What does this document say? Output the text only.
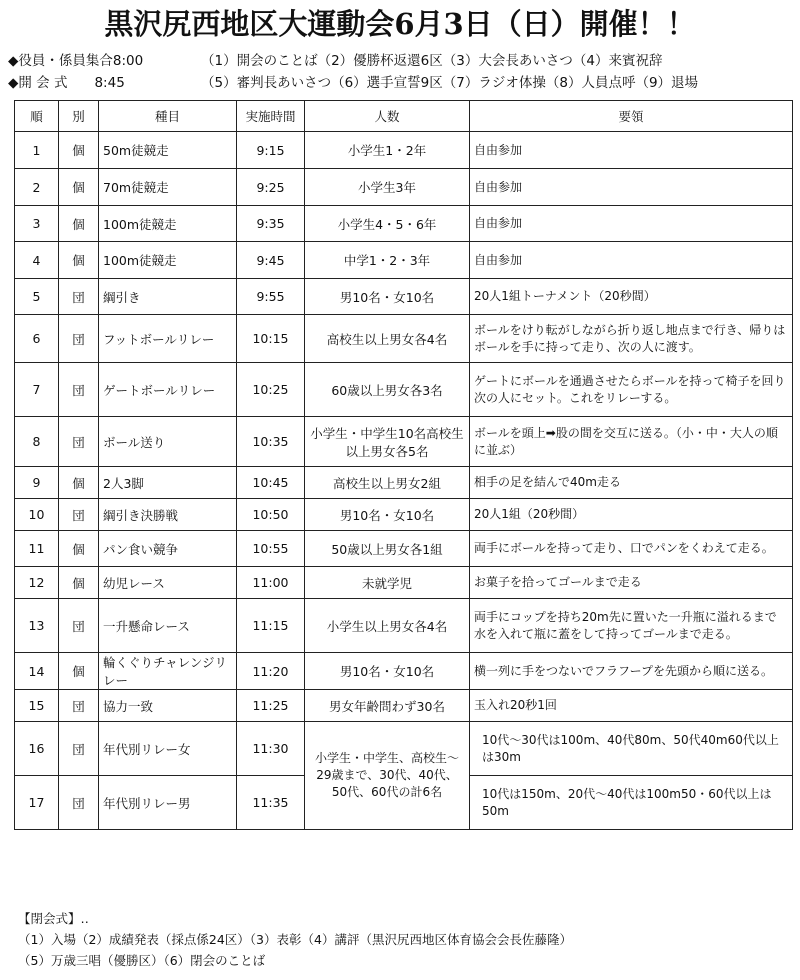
黒沢尻西地区大運動会6月3日（日）開催！！
◆役員・係員集合8:00	（1）開会のことば（2）優勝杯返還6区（3）大会長あいさつ（4）来賓祝辞
◆開 会 式　　8:45	（5）審判長あいさつ（6）選手宣誓9区（7）ラジオ体操（8）人員点呼（9）退場
順	別	種目	実施時間	人数	要領
1	個	50m徒競走	9:15	小学生1・2年	自由参加
2	個	70m徒競走	9:25	小学生3年	自由参加
3	個	100m徒競走	9:35	小学生4・5・6年	自由参加
4	個	100m徒競走	9:45	中学1・2・3年	自由参加
5	団	綱引き	9:55	男10名・女10名	20人1組トーナメント（20秒間）
6	団	フットボールリレー	10:15	高校生以上男女各4名	ボールをけり転がしながら折り返し地点まで行き、帰りはボールを手に持って走り、次の人に渡す。
7	団	ゲートボールリレー	10:25	60歳以上男女各3名	ゲートにボールを通過させたらボールを持って椅子を回り次の人にセット。これをリレーする。
8	団	ボール送り	10:35	小学生・中学生10名高校生以上男女各5名	ボールを頭上➡股の間を交互に送る。（小・中・大人の順に並ぶ）
9	個	2人3脚	10:45	高校生以上男女2組	相手の足を結んで40m走る
10	団	綱引き決勝戦	10:50	男10名・女10名	20人1組（20秒間）
11	個	パン食い競争	10:55	50歳以上男女各1組	両手にボールを持って走り、口でパンをくわえて走る。
12	個	幼児レース	11:00	未就学児	お菓子を拾ってゴールまで走る
13	団	一升懸命レース	11:15	小学生以上男女各4名	両手にコップを持ち20m先に置いた一升瓶に溢れるまで水を入れて瓶に蓋をして持ってゴールまで走る。
14	個	輪くぐりチャレンジリレー	11:20	男10名・女10名	横一列に手をつないでフラフープを先頭から順に送る。
15	団	協力一致	11:25	男女年齢問わず30名	玉入れ20秒1回
16	団	年代別リレー女	11:30	小学生・中学生、高校生〜29歳まで、30代、40代、50代、60代の計6名	10代〜30代は100m、40代80m、50代40m60代以上は30m
17	団	年代別リレー男	11:35		10代は150m、20代〜40代は100m50・60代以上は50m
【閉会式】‥
（1）入場（2）成績発表（採点係24区）（3）表彰（4）講評（黒沢尻西地区体育協会会長佐藤隆）
（5）万歳三唱（優勝区）（6）閉会のことば
